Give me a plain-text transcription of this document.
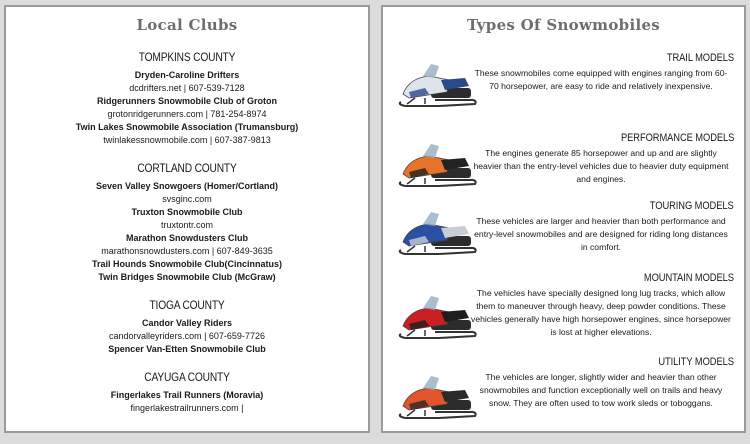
Local Clubs
TOMPKINS COUNTY
Dryden-Caroline Drifters
dcdrifters.net | 607-539-7128
Ridgerunners Snowmobile Club of Groton
grotonridgerunners.com | 781-254-8974
Twin Lakes Snowmobile Association (Trumansburg)
twinlakessnowmobile.com | 607-387-9813
CORTLAND COUNTY
Seven Valley Snowgoers (Homer/Cortland)
svsginc.com
Truxton Snowmobile Club
truxtontr.com
Marathon Snowdusters Club
marathonsnowdusters.com | 607-849-3635
Trail Hounds Snowmobile Club(Cincinnatus)
Twin Bridges Snowmobile Club (McGraw)
TIOGA COUNTY
Candor Valley Riders
candorvalleyriders.com | 607-659-7726
Spencer Van-Etten Snowmobile Club
CAYUGA COUNTY
Fingerlakes Trail Runners (Moravia)
fingerlakestrailrunners.com |
Types Of Snowmobiles
TRAIL MODELS
These snowmobiles come equipped with engines ranging from 60-70 horsepower, are easy to ride and relatively inexpensive.
PERFORMANCE MODELS
The engines generate 85 horsepower and up and are slightly heavier than the entry-level vehicles due to heavier duty equipment and engines.
TOURING MODELS
These vehicles are larger and heavier than both performance and entry-level snowmobiles and are designed for riding long distances in comfort.
MOUNTAIN MODELS
The vehicles have specially designed long lug tracks, which allow them to maneuver through heavy, deep powder conditions. These vehicles generally have high horsepower engines, since horsepower is lost at higher elevations.
UTILITY MODELS
The vehicles are longer, slightly wider and heavier than other snowmobiles and function exceptionally well on trails and heavy snow. They are often used to tow work sleds or toboggans.
